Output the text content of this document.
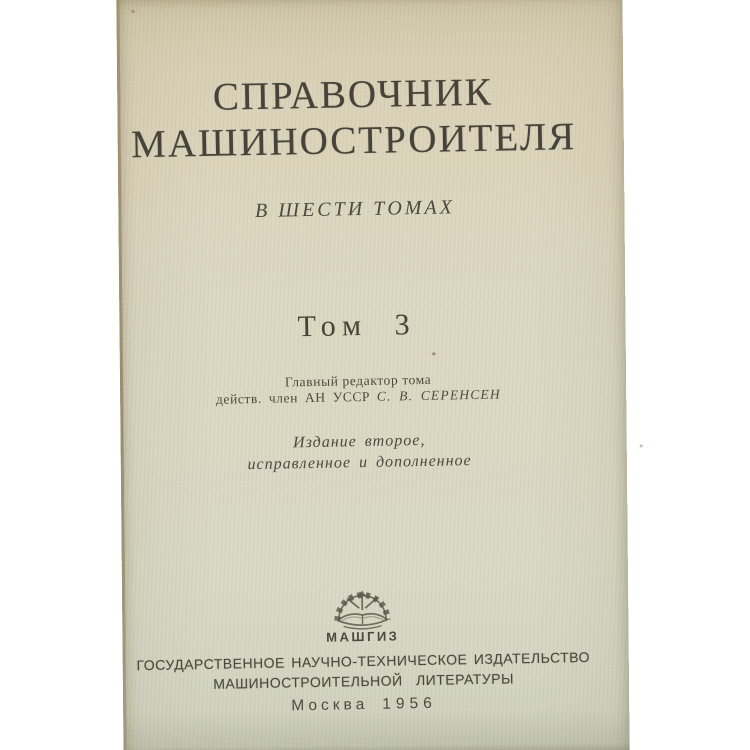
СПРАВОЧНИК
МАШИНОСТРОИТЕЛЯ
В ШЕСТИ ТОМАХ
Том 3
Главный редактор тома
действ. член АН УССР С. В. СЕРЕНСЕН
Издание второе,
исправленное и дополненное
МАШГИЗ
ГОСУДАРСТВЕННОЕ НАУЧНО-ТЕХНИЧЕСКОЕ ИЗДАТЕЛЬСТВО
МАШИНОСТРОИТЕЛЬНОЙ ЛИТЕРАТУРЫ
Москва 1956
